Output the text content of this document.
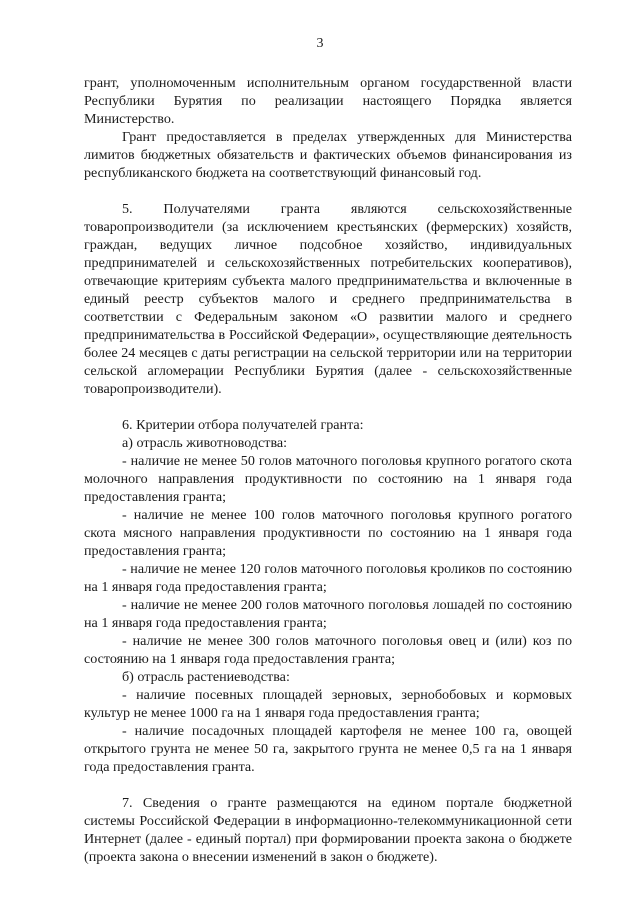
3

грант, уполномоченным исполнительным органом государственной власти Республики Бурятия по реализации настоящего Порядка является Министерство.

Грант предоставляется в пределах утвержденных для Министерства лимитов бюджетных обязательств и фактических объемов финансирования из республиканского бюджета на соответствующий финансовый год.

5. Получателями гранта являются сельскохозяйственные товаропроизводители (за исключением крестьянских (фермерских) хозяйств, граждан, ведущих личное подсобное хозяйство, индивидуальных предпринимателей и сельскохозяйственных потребительских кооперативов), отвечающие критериям субъекта малого предпринимательства и включенные в единый реестр субъектов малого и среднего предпринимательства в соответствии с Федеральным законом «О развитии малого и среднего предпринимательства в Российской Федерации», осуществляющие деятельность более 24 месяцев с даты регистрации на сельской территории или на территории сельской агломерации Республики Бурятия (далее - сельскохозяйственные товаропроизводители).

6. Критерии отбора получателей гранта:

а) отрасль животноводства:

- наличие не менее 50 голов маточного поголовья крупного рогатого скота молочного направления продуктивности по состоянию на 1 января года предоставления гранта;

- наличие не менее 100 голов маточного поголовья крупного рогатого скота мясного направления продуктивности по состоянию на 1 января года предоставления гранта;

- наличие не менее 120 голов маточного поголовья кроликов по состоянию на 1 января года предоставления гранта;

- наличие не менее 200 голов маточного поголовья лошадей по состоянию на 1 января года предоставления гранта;

- наличие не менее 300 голов маточного поголовья овец и (или) коз по состоянию на 1 января года предоставления гранта;

б) отрасль растениеводства:

- наличие посевных площадей зерновых, зернобобовых и кормовых культур не менее 1000 га на 1 января года предоставления гранта;

- наличие посадочных площадей картофеля не менее 100 га, овощей открытого грунта не менее 50 га, закрытого грунта не менее 0,5 га на 1 января года предоставления гранта.

7. Сведения о гранте размещаются на едином портале бюджетной системы Российской Федерации в информационно-телекоммуникационной сети Интернет (далее - единый портал) при формировании проекта закона о бюджете (проекта закона о внесении изменений в закон о бюджете).
